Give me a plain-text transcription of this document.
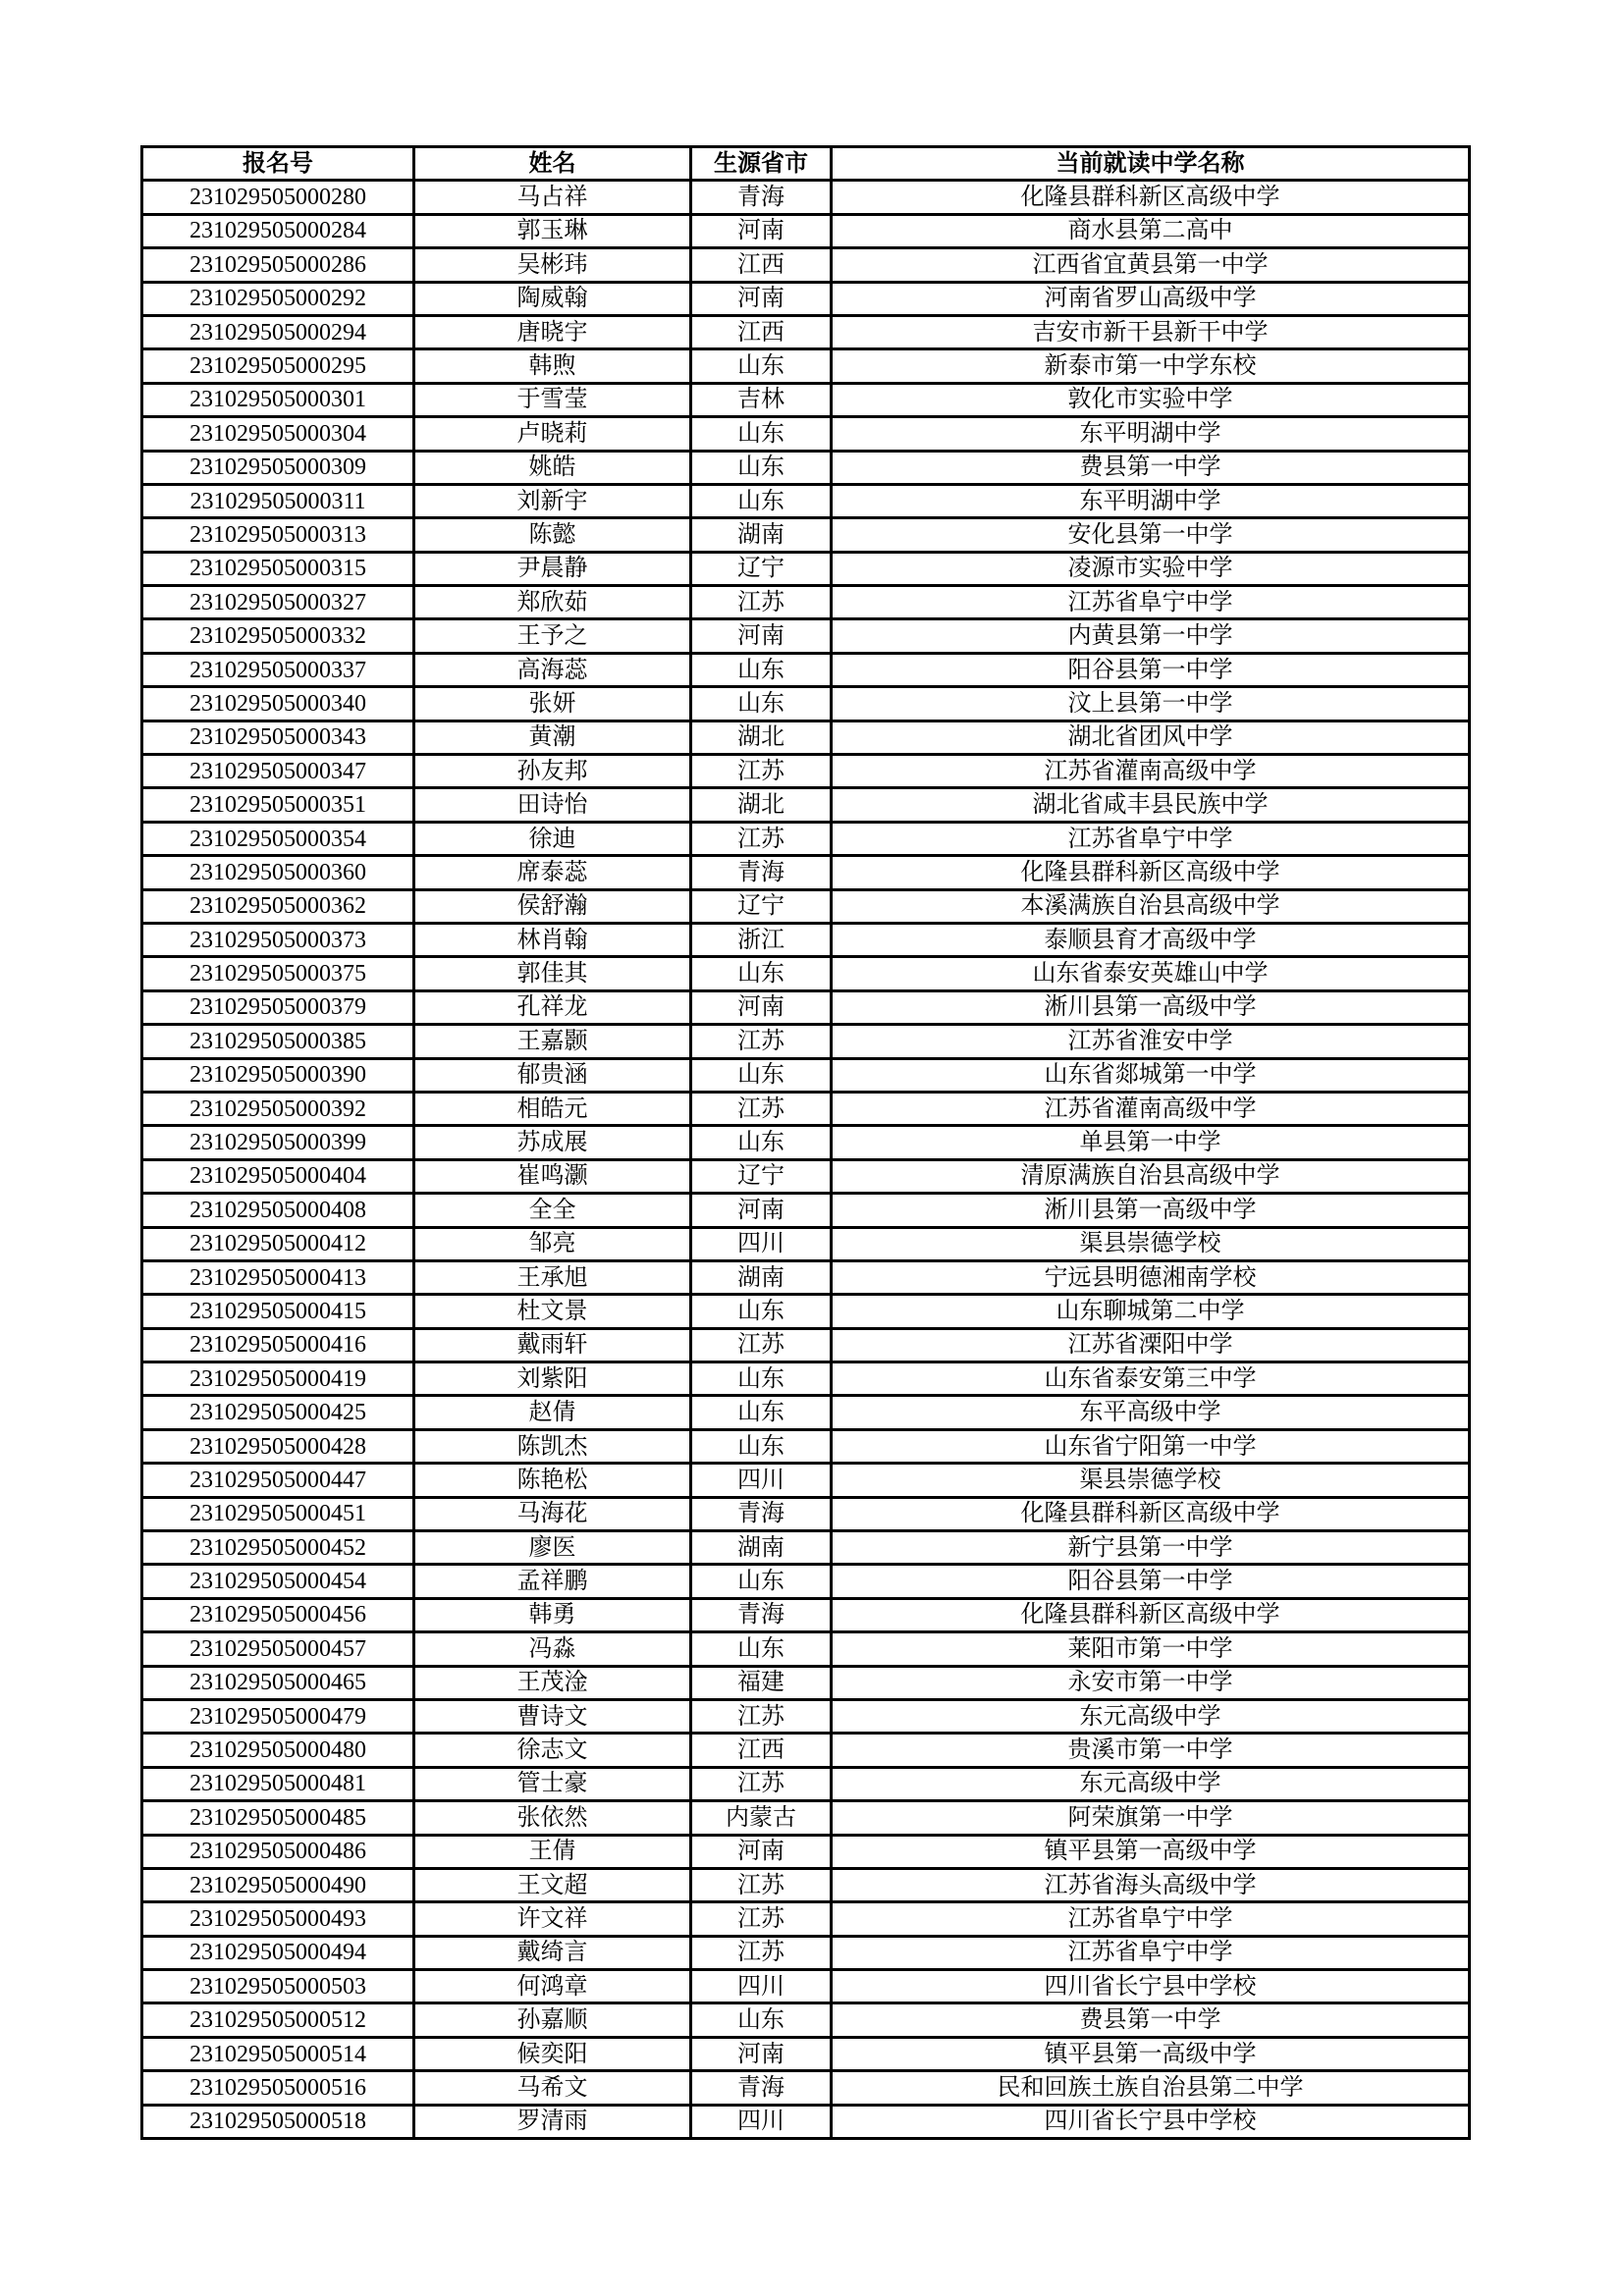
报名号	姓名	生源省市	当前就读中学名称
231029505000280	马占祥	青海	化隆县群科新区高级中学
231029505000284	郭玉琳	河南	商水县第二高中
231029505000286	吴彬玮	江西	江西省宜黄县第一中学
231029505000292	陶威翰	河南	河南省罗山高级中学
231029505000294	唐晓宇	江西	吉安市新干县新干中学
231029505000295	韩煦	山东	新泰市第一中学东校
231029505000301	于雪莹	吉林	敦化市实验中学
231029505000304	卢晓莉	山东	东平明湖中学
231029505000309	姚皓	山东	费县第一中学
231029505000311	刘新宇	山东	东平明湖中学
231029505000313	陈懿	湖南	安化县第一中学
231029505000315	尹晨静	辽宁	凌源市实验中学
231029505000327	郑欣茹	江苏	江苏省阜宁中学
231029505000332	王予之	河南	内黄县第一中学
231029505000337	高海蕊	山东	阳谷县第一中学
231029505000340	张妍	山东	汶上县第一中学
231029505000343	黄潮	湖北	湖北省团风中学
231029505000347	孙友邦	江苏	江苏省灌南高级中学
231029505000351	田诗怡	湖北	湖北省咸丰县民族中学
231029505000354	徐迪	江苏	江苏省阜宁中学
231029505000360	席泰蕊	青海	化隆县群科新区高级中学
231029505000362	侯舒瀚	辽宁	本溪满族自治县高级中学
231029505000373	林肖翰	浙江	泰顺县育才高级中学
231029505000375	郭佳其	山东	山东省泰安英雄山中学
231029505000379	孔祥龙	河南	淅川县第一高级中学
231029505000385	王嘉颢	江苏	江苏省淮安中学
231029505000390	郁贵涵	山东	山东省郯城第一中学
231029505000392	相皓元	江苏	江苏省灌南高级中学
231029505000399	苏成展	山东	单县第一中学
231029505000404	崔鸣灏	辽宁	清原满族自治县高级中学
231029505000408	全全	河南	淅川县第一高级中学
231029505000412	邹亮	四川	渠县崇德学校
231029505000413	王承旭	湖南	宁远县明德湘南学校
231029505000415	杜文景	山东	山东聊城第二中学
231029505000416	戴雨轩	江苏	江苏省溧阳中学
231029505000419	刘紫阳	山东	山东省泰安第三中学
231029505000425	赵倩	山东	东平高级中学
231029505000428	陈凯杰	山东	山东省宁阳第一中学
231029505000447	陈艳松	四川	渠县崇德学校
231029505000451	马海花	青海	化隆县群科新区高级中学
231029505000452	廖医	湖南	新宁县第一中学
231029505000454	孟祥鹏	山东	阳谷县第一中学
231029505000456	韩勇	青海	化隆县群科新区高级中学
231029505000457	冯淼	山东	莱阳市第一中学
231029505000465	王茂淦	福建	永安市第一中学
231029505000479	曹诗文	江苏	东元高级中学
231029505000480	徐志文	江西	贵溪市第一中学
231029505000481	管士豪	江苏	东元高级中学
231029505000485	张依然	内蒙古	阿荣旗第一中学
231029505000486	王倩	河南	镇平县第一高级中学
231029505000490	王文超	江苏	江苏省海头高级中学
231029505000493	许文祥	江苏	江苏省阜宁中学
231029505000494	戴绮言	江苏	江苏省阜宁中学
231029505000503	何鸿章	四川	四川省长宁县中学校
231029505000512	孙嘉顺	山东	费县第一中学
231029505000514	候奕阳	河南	镇平县第一高级中学
231029505000516	马希文	青海	民和回族土族自治县第二中学
231029505000518	罗清雨	四川	四川省长宁县中学校
